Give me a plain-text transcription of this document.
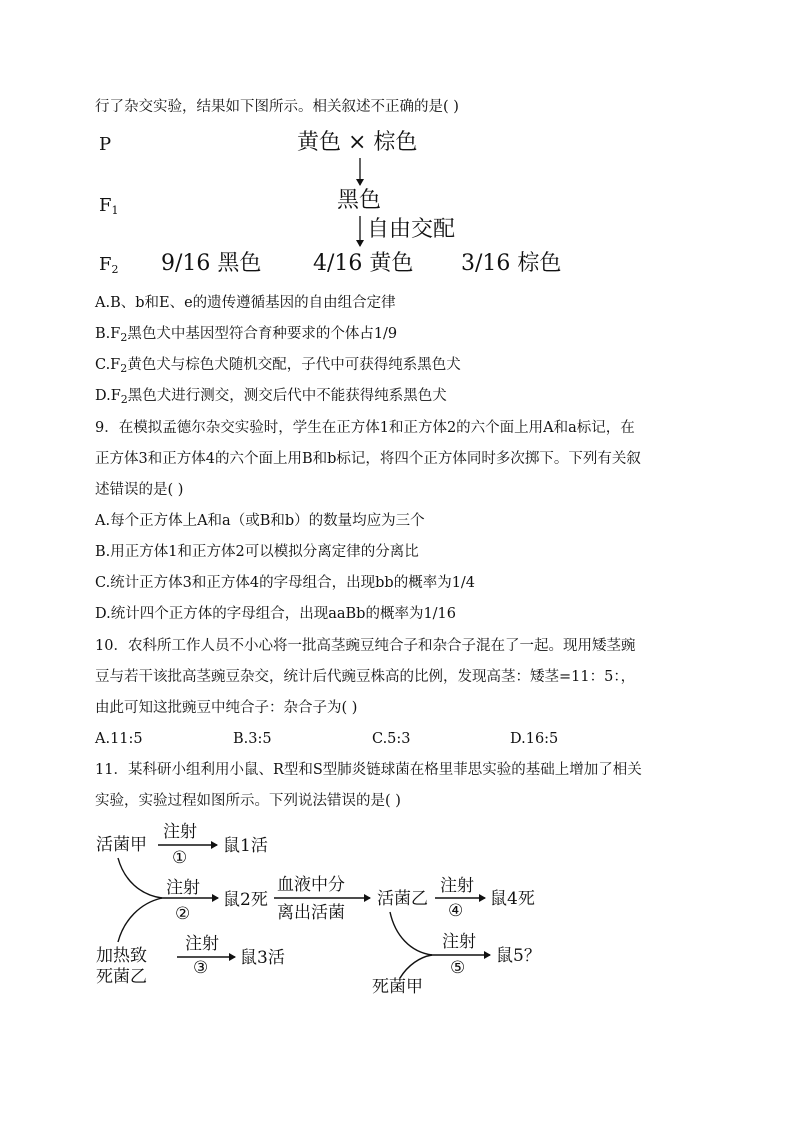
行了杂交实验，结果如下图所示。相关叙述不正确的是( )
P
$F_1$
$F_2$
黄色 × 棕色
黑色
自由交配
9/16 黑色 4/16 黄色 3/16 棕色
A.B、b和E、e的遗传遵循基因的自由组合定律
$B.F_2$黑色犬中基因型符合育种要求的个体占1/9
$C.F_2$黄色犬与棕色犬随机交配，子代中可获得纯系黑色犬
$D.F_2$黑色犬进行测交，测交后代中不能获得纯系黑色犬
9．在模拟孟德尔杂交实验时，学生在正方体1和正方体2的六个面上用A和a标记，在
正方体3和正方体4的六个面上用B和b标记，将四个正方体同时多次掷下。下列有关叙
述错误的是( )
A.每个正方体上A和a（或B和b）的数量均应为三个
B.用正方体1和正方体2可以模拟分离定律的分离比
C.统计正方体3和正方体4的字母组合，出现bb的概率为1/4
D.统计四个正方体的字母组合，出现aaBb的概率为1/16
10．农科所工作人员不小心将一批高茎豌豆纯合子和杂合子混在了一起。现用矮茎豌
豆与若干该批高茎豌豆杂交，统计后代豌豆株高的比例，发现高茎：矮茎=11：5：，
由此可知这批豌豆中纯合子：杂合子为( )
A.11:5	B.3:5	C.5:3	D.16:5
11．某科研小组利用小鼠、R型和S型肺炎链球菌在格里菲思实验的基础上增加了相关
实验，实验过程如图所示。下列说法错误的是( )
活菌甲
注射
①
鼠1活
注射
②
鼠2死
血液中分
离出活菌
活菌乙
注射
④
鼠4死
加热致
死菌乙
注射
③ 鼠3活
注射
⑤
鼠5？
死菌甲
